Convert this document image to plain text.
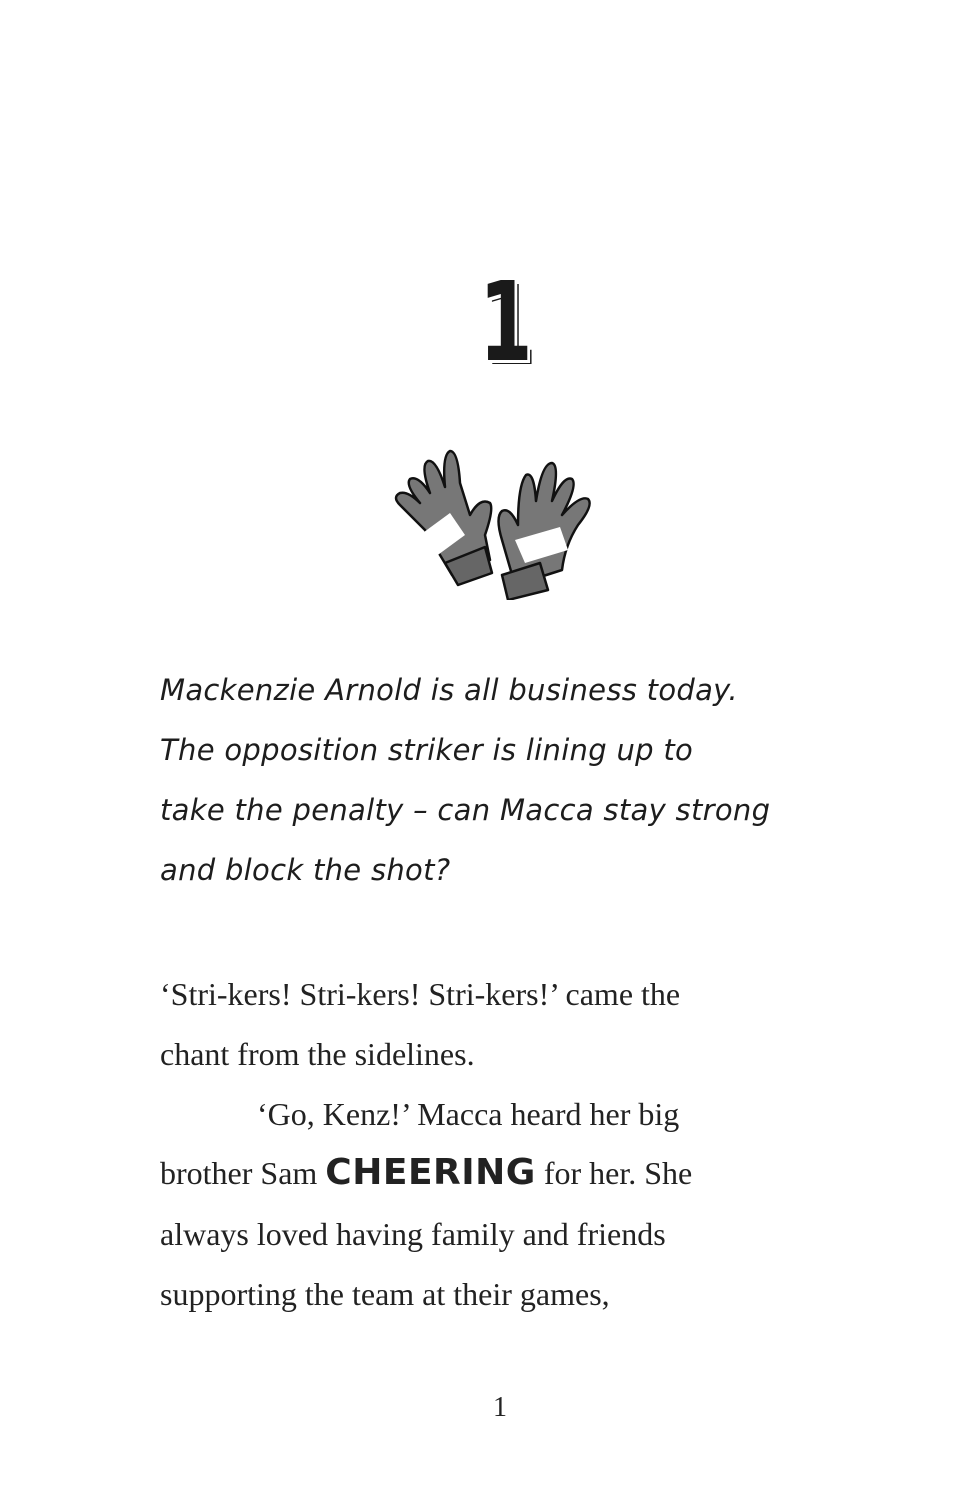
1
Mackenzie Arnold is all business today.
The opposition striker is lining up to
take the penalty – can Macca stay strong
and block the shot?
‘Stri-kers! Stri-kers! Stri-kers!’ came the
chant from the sidelines.
‘Go, Kenz!’ Macca heard her big
brother Sam CHEERING for her. She
always loved having family and friends
supporting the team at their games,
1
